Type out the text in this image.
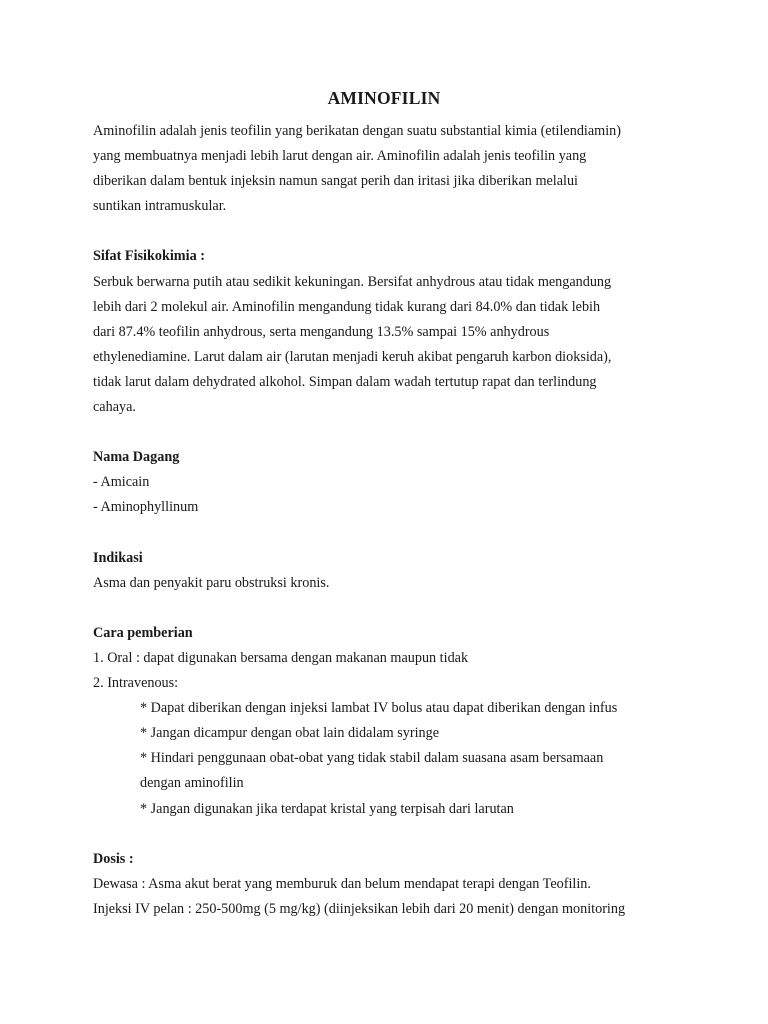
AMINOFILIN

Aminofilin adalah jenis teofilin yang berikatan dengan suatu substantial kimia (etilendiamin)

yang membuatnya menjadi lebih larut dengan air. Aminofilin adalah jenis teofilin yang

diberikan dalam bentuk injeksin namun sangat perih dan iritasi jika diberikan melalui

suntikan intramuskular.

Sifat Fisikokimia :

Serbuk berwarna putih atau sedikit kekuningan. Bersifat anhydrous atau tidak mengandung

lebih dari 2 molekul air. Aminofilin mengandung tidak kurang dari 84.0% dan tidak lebih

dari 87.4% teofilin anhydrous, serta mengandung 13.5% sampai 15% anhydrous

ethylenediamine. Larut dalam air (larutan menjadi keruh akibat pengaruh karbon dioksida),

tidak larut dalam dehydrated alkohol. Simpan dalam wadah tertutup rapat dan terlindung

cahaya.

Nama Dagang

- Amicain

- Aminophyllinum

Indikasi

Asma dan penyakit paru obstruksi kronis.

Cara pemberian

1. Oral : dapat digunakan bersama dengan makanan maupun tidak

2. Intravenous:

* Dapat diberikan dengan injeksi lambat IV bolus atau dapat diberikan dengan infus

* Jangan dicampur dengan obat lain didalam syringe

* Hindari penggunaan obat-obat yang tidak stabil dalam suasana asam bersamaan

dengan aminofilin

* Jangan digunakan jika terdapat kristal yang terpisah dari larutan

Dosis :

Dewasa : Asma akut berat yang memburuk dan belum mendapat terapi dengan Teofilin.

Injeksi IV pelan : 250-500mg (5 mg/kg) (diinjeksikan lebih dari 20 menit) dengan monitoring
